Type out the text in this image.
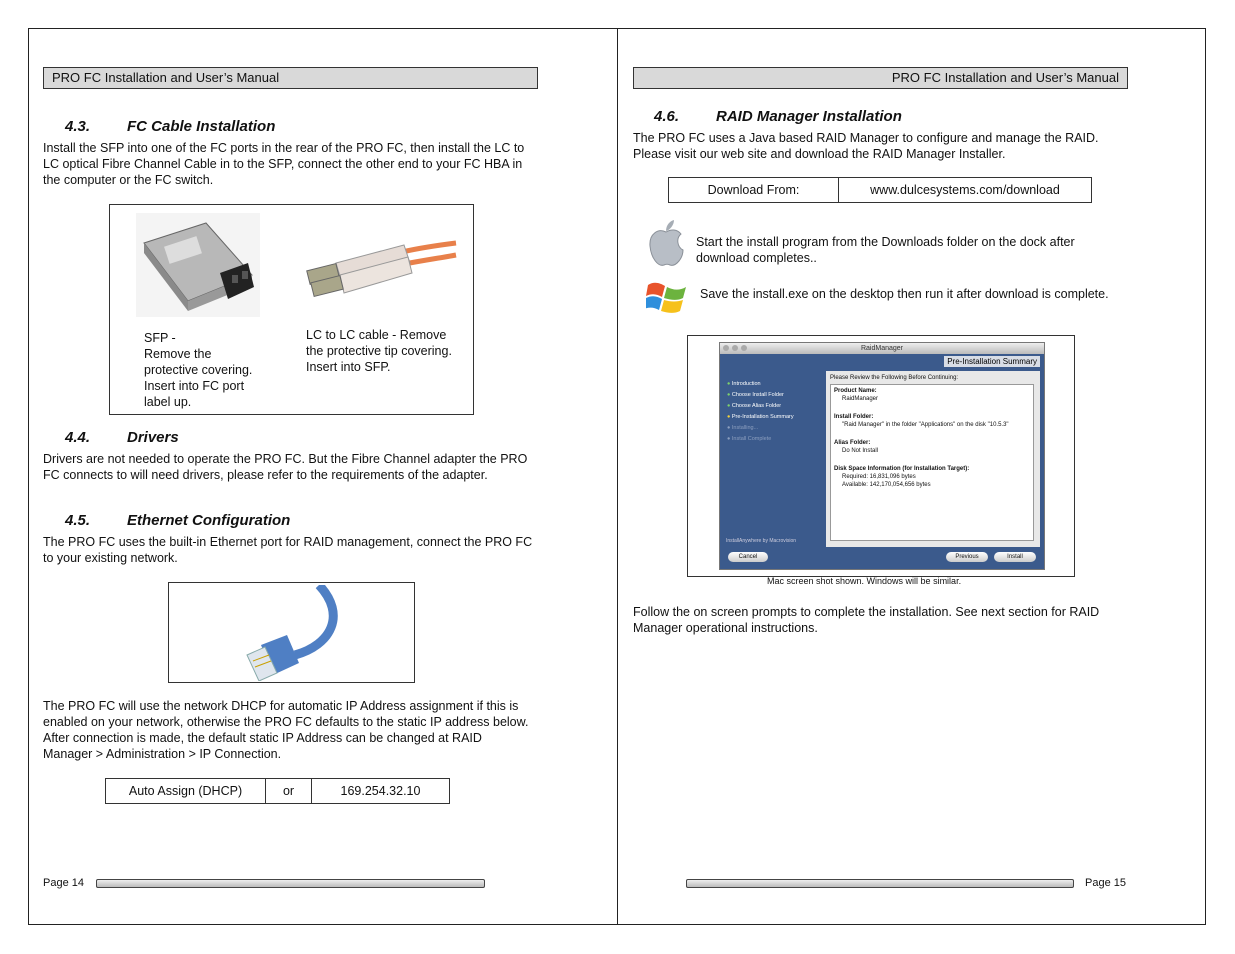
PRO FC Installation and User’s Manual
4.3. FC Cable Installation
Install the SFP into one of the FC ports in the rear of the PRO FC, then install the LC to LC optical Fibre Channel Cable in to the SFP, connect the other end to your FC HBA in the computer or the FC switch.
SFP -
Remove the protective covering. Insert into FC port label up.
LC to LC cable - Remove the protective tip covering. Insert into SFP.
4.4. Drivers
Drivers are not needed to operate the PRO FC. But the Fibre Channel adapter the PRO FC connects to will need drivers, please refer to the requirements of the adapter.
4.5. Ethernet Configuration
The PRO FC uses the built-in Ethernet port for RAID management, connect the PRO FC to your existing network.
The PRO FC will use the network DHCP for automatic IP Address assignment if this is enabled on your network, otherwise the PRO FC defaults to the static IP address below. After connection is made, the default static IP Address can be changed at RAID Manager > Administration > IP Connection.
Auto Assign (DHCP)	or	169.254.32.10
Page 14
PRO FC Installation and User’s Manual
4.6. RAID Manager Installation
The PRO FC uses a Java based RAID Manager to configure and manage the RAID. Please visit our web site and download the RAID Manager Installer.
Download From:	www.dulcesystems.com/download
Start the install program from the Downloads folder on the dock after download completes..
Save the install.exe on the desktop then run it after download is complete.
RaidManager
Pre-Installation Summary
● Introduction
● Choose Install Folder
● Choose Alias Folder
● Pre-Installation Summary
● Installing...
● Install Complete
Please Review the Following Before Continuing:
Product Name:
RaidManager
Install Folder:
"Raid Manager" in the folder "Applications" on the disk "10.5.3"
Alias Folder:
Do Not Install
Disk Space Information (for Installation Target):
Required: 16,831,096 bytes
Available: 142,170,054,656 bytes
InstallAnywhere by Macrovision
Cancel	Previous	Install
Mac screen shot shown. Windows will be similar.
Follow the on screen prompts to complete the installation. See next section for RAID Manager operational instructions.
Page 15
